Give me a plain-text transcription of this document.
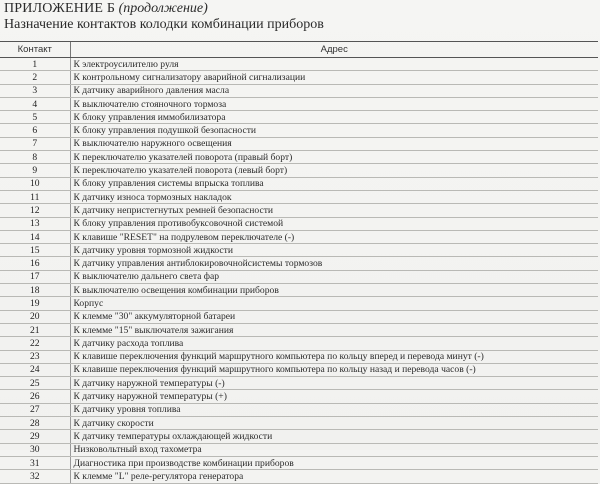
ПРИЛОЖЕНИЕ Б (продолжение)
Назначение контактов колодки комбинации приборов
Контакт	Адрес
1	К электроусилителю руля
2	К контрольному сигнализатору аварийной сигнализации
3	К датчику аварийного давления масла
4	К выключателю стояночного тормоза
5	К блоку управления иммобилизатора
6	К блоку управления подушкой безопасности
7	К выключателю наружного освещения
8	К переключателю указателей поворота (правый борт)
9	К переключателю указателей поворота (левый борт)
10	К блоку управления системы впрыска топлива
11	К датчику износа тормозных накладок
12	К датчику непристегнутых ремней безопасности
13	К блоку управления противобуксовочной системой
14	К клавише "RESET" на подрулевом переключателе (-)
15	К датчику уровня тормозной жидкости
16	К датчику управления антиблокировочнойсистемы тормозов
17	К выключателю дальнего света фар
18	К выключателю освещения комбинации приборов
19	Корпус
20	К клемме "30" аккумуляторной батареи
21	К клемме "15" выключателя зажигания
22	К датчику расхода топлива
23	К клавише переключения функций маршрутного компьютера по кольцу вперед и перевода минут (-)
24	К клавише переключения функций маршрутного компьютера по кольцу назад и перевода часов (-)
25	К датчику наружной температуры (-)
26	К датчику наружной температуры (+)
27	К датчику уровня топлива
28	К датчику скорости
29	К датчику температуры охлаждающей жидкости
30	Низковольтный вход тахометра
31	Диагностика при производстве комбинации приборов
32	К клемме "L" реле-регулятора генератора
